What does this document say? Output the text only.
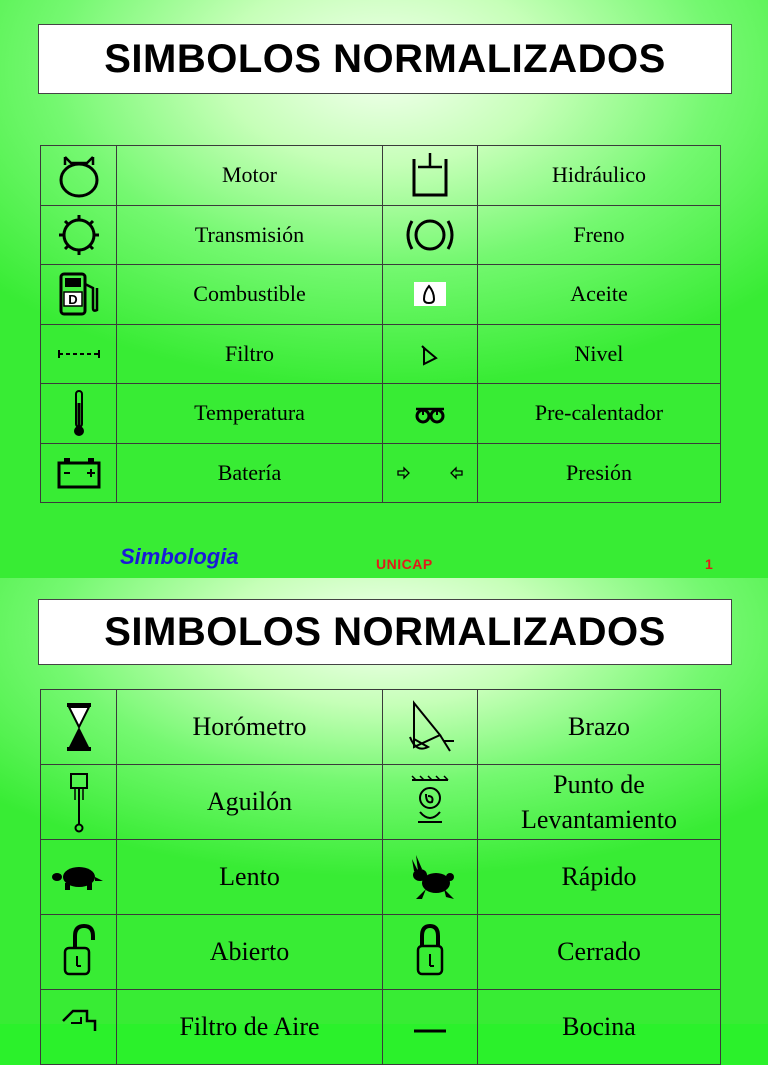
SIMBOLOS NORMALIZADOS
	Motor		Hidráulico

	Transmisión		Freno

D	Combustible		Aceite

	Filtro		Nivel

	Temperatura		Pre-calentador

	Batería		Presión
Simbologia	UNICAP	1
SIMBOLOS NORMALIZADOS
	Horómetro		Brazo

	Aguilón		Punto de
Levantamiento

	Lento		Rápido

	Abierto		Cerrado

	Filtro de Aire		Bocina
